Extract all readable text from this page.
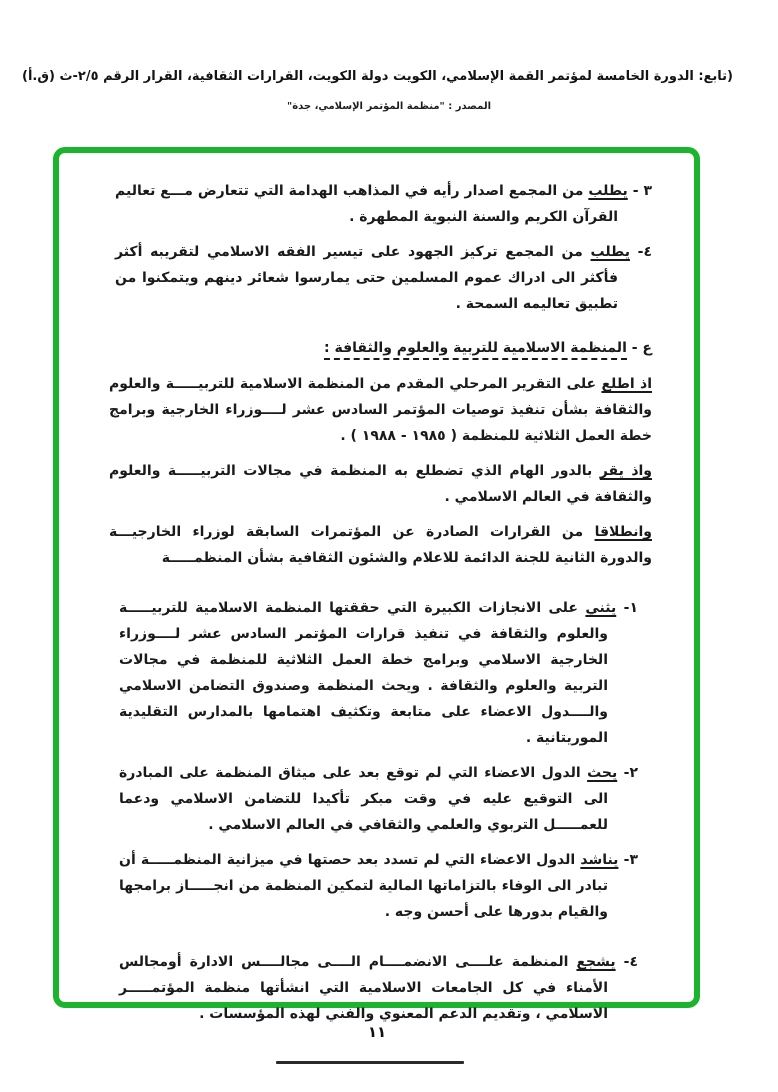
(تابع: الدورة الخامسة لمؤتمر القمة الإسلامي، الكويت دولة الكويت، القرارات الثقافية، القرار الرقم ٢/٥-ث (ق.أ)
المصدر : "منظمة المؤتمر الإسلامي، جدة"

٣ - يطلب من المجمع اصدار رأيه في المذاهب الهدامة التي تتعارض مـــع تعاليم القرآن الكريم والسنة النبوية المطهرة .

٤- يطلب من المجمع تركيز الجهود على تيسير الفقه الاسلامي لتقريبه أكثر فأكثر الى ادراك عموم المسلمين حتى يمارسوا شعائر دينهم ويتمكنوا من تطبيق تعاليمه السمحة .

ع - المنظمة الاسلامية للتربية والعلوم والثقافة :

اذ اطلع على التقرير المرحلي المقدم من المنظمة الاسلامية للتربيـــــة والعلوم والثقافة بشأن تنفيذ توصيات المؤتمر السادس عشر لــــوزراء الخارجية وبرامج خطة العمل الثلاثية للمنظمة ( ١٩٨٥ - ١٩٨٨ ) .

واذ يقر بالدور الهام الذي تضطلع به المنظمة في مجالات التربيـــــة والعلوم والثقافة في العالم الاسلامي .

وانطلاقا من القرارات الصادرة عن المؤتمرات السابقة لوزراء الخارجيـــة والدورة الثانية للجنة الدائمة للاعلام والشئون الثقافية بشأن المنظمـــــة

١- يثني على الانجازات الكبيرة التي حققتها المنظمة الاسلامية للتربيـــــة والعلوم والثقافة في تنفيذ قرارات المؤتمر السادس عشر لــــوزراء الخارجية الاسلامي وبرامج خطة العمل الثلاثية للمنظمة في مجالات التربية والعلوم والثقافة . ويحث المنظمة وصندوق التضامن الاسلامي والــــدول الاعضاء على متابعة وتكثيف اهتمامها بالمدارس التقليدية الموريتانية .

٢- يحث الدول الاعضاء التي لم توقع بعد على ميثاق المنظمة على المبادرة الى التوقيع عليه في وقت مبكر تأكيدا للتضامن الاسلامي ودعما للعمـــــل التربوي والعلمي والثقافي في العالم الاسلامي .

٣- يناشد الدول الاعضاء التي لم تسدد بعد حصتها في ميزانية المنظمـــــة أن تبادر الى الوفاء بالتزاماتها المالية لتمكين المنظمة من انجـــــاز برامجها والقيام بدورها على أحسن وجه .

٤- يشجع المنظمة علــــى الانضمــــام الــــى مجالــــس الادارة أومجالس الأمناء في كل الجامعات الاسلامية التي انشأتها منظمة المؤتمـــــر الاسلامي ، وتقديم الدعم المعنوي والفني لهذه المؤسسات .

١١
